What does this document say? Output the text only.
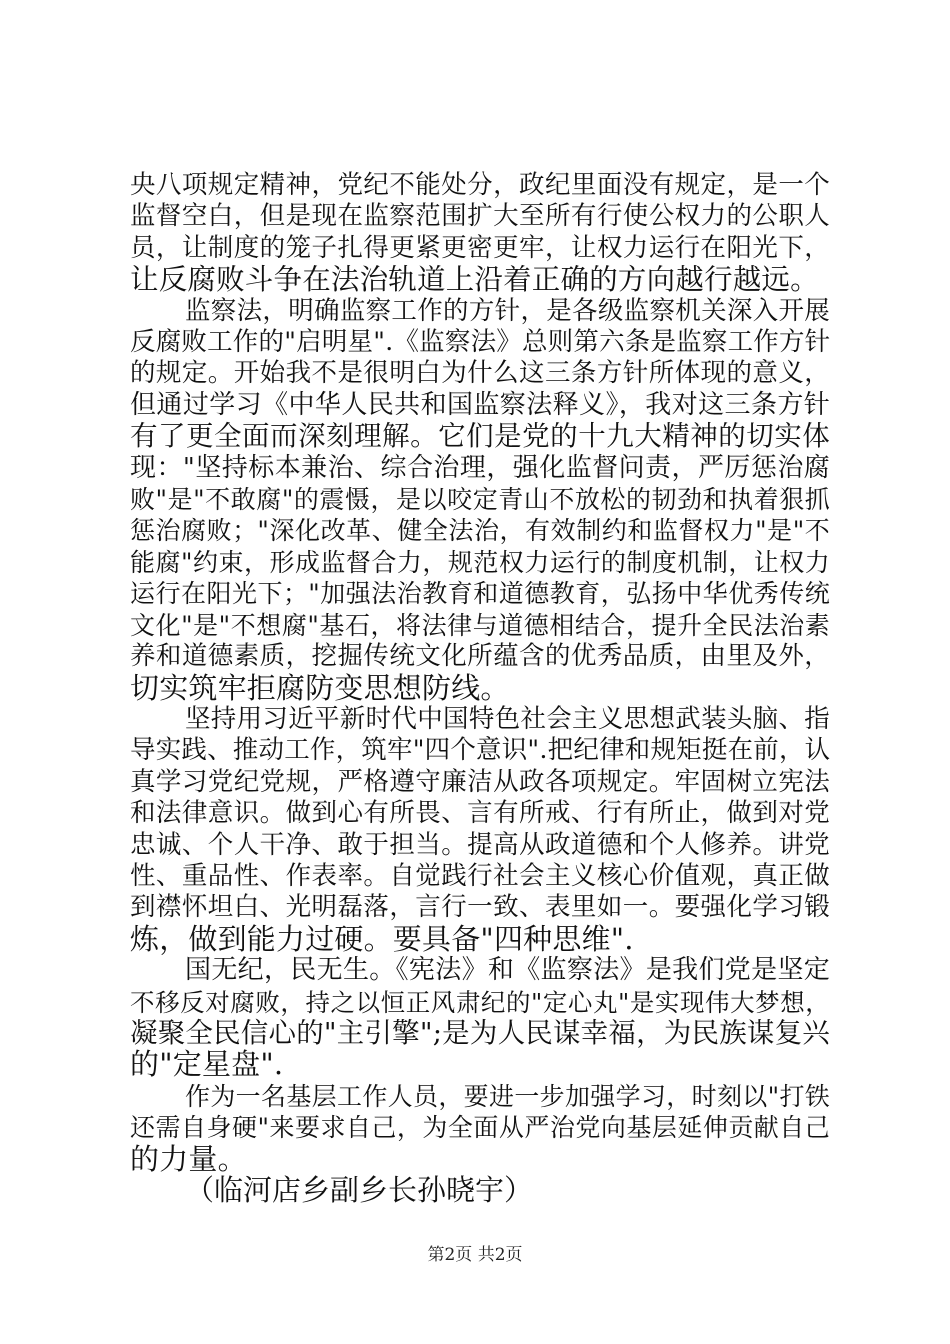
央八项规定精神，党纪不能处分，政纪里面没有规定，是一个
监督空白，但是现在监察范围扩大至所有行使公权力的公职人
员，让制度的笼子扎得更紧更密更牢，让权力运行在阳光下，
让反腐败斗争在法治轨道上沿着正确的方向越行越远。
监察法，明确监察工作的方针，是各级监察机关深入开展
反腐败工作的"启明星".《监察法》总则第六条是监察工作方针
的规定。开始我不是很明白为什么这三条方针所体现的意义，
但通过学习《中华人民共和国监察法释义》，我对这三条方针
有了更全面而深刻理解。它们是党的十九大精神的切实体
现："坚持标本兼治、综合治理，强化监督问责，严厉惩治腐
败"是"不敢腐"的震慑，是以咬定青山不放松的韧劲和执着狠抓
惩治腐败；"深化改革、健全法治，有效制约和监督权力"是"不
能腐"约束，形成监督合力，规范权力运行的制度机制，让权力
运行在阳光下；"加强法治教育和道德教育，弘扬中华优秀传统
文化"是"不想腐"基石，将法律与道德相结合，提升全民法治素
养和道德素质，挖掘传统文化所蕴含的优秀品质，由里及外，
切实筑牢拒腐防变思想防线。
坚持用习近平新时代中国特色社会主义思想武装头脑、指
导实践、推动工作，筑牢"四个意识".把纪律和规矩挺在前，认
真学习党纪党规，严格遵守廉洁从政各项规定。牢固树立宪法
和法律意识。做到心有所畏、言有所戒、行有所止，做到对党
忠诚、个人干净、敢于担当。提高从政道德和个人修养。讲党
性、重品性、作表率。自觉践行社会主义核心价值观，真正做
到襟怀坦白、光明磊落，言行一致、表里如一。要强化学习锻
炼，做到能力过硬。要具备"四种思维".
国无纪，民无生。《宪法》和《监察法》是我们党是坚定
不移反对腐败，持之以恒正风肃纪的"定心丸"是实现伟大梦想，
凝聚全民信心的"主引擎";是为人民谋幸福，为民族谋复兴
的"定星盘".
作为一名基层工作人员，要进一步加强学习，时刻以"打铁
还需自身硬"来要求自己，为全面从严治党向基层延伸贡献自己
的力量。
（临河店乡副乡长孙晓宇）
第2页 共2页
